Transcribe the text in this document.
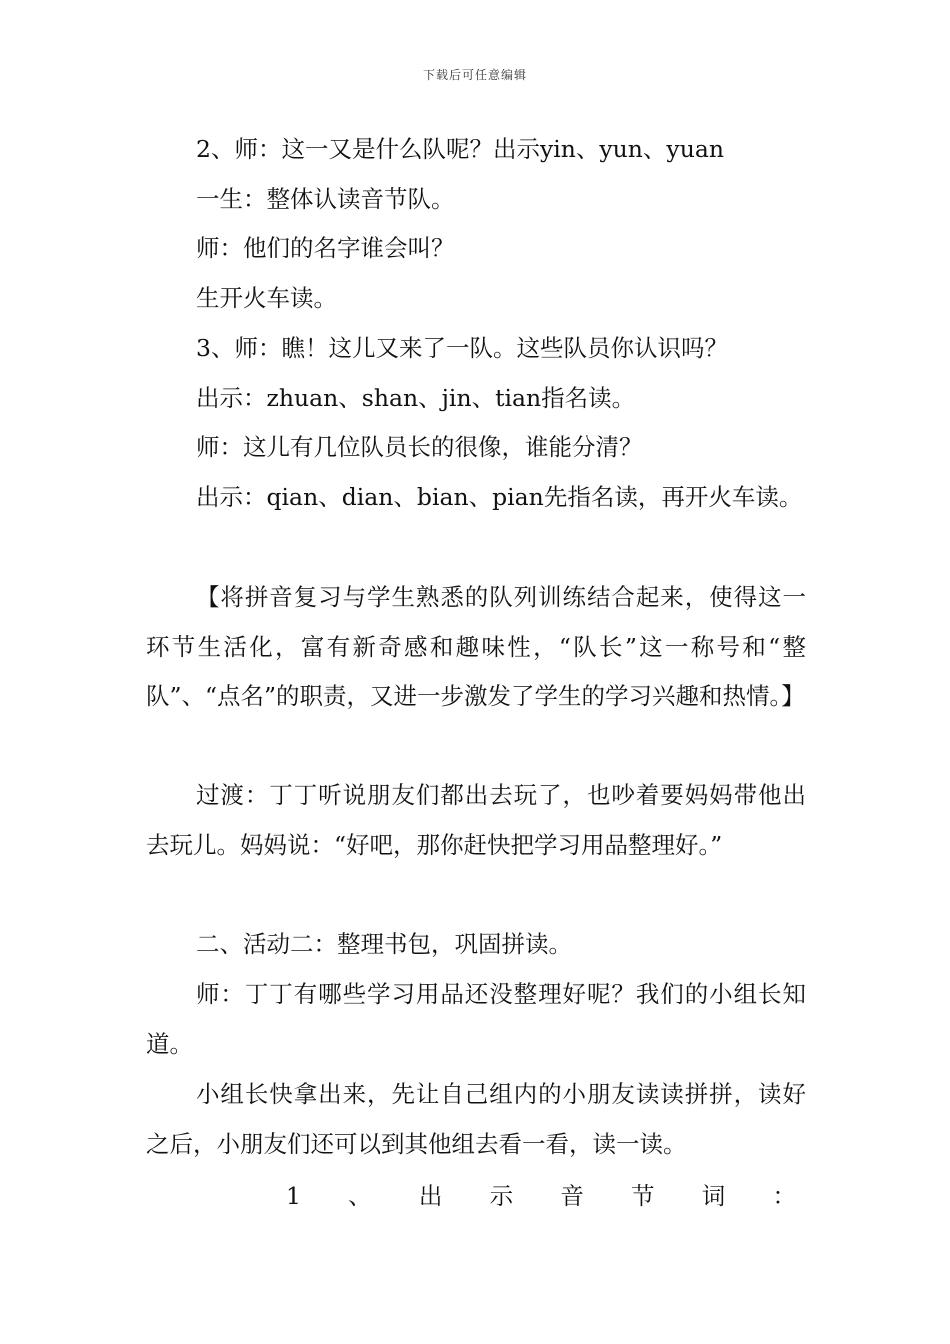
下载后可任意编辑

2、师：这一又是什么队呢？出示yin、yun、yuan

一生：整体认读音节队。

师：他们的名字谁会叫？

生开火车读。

3、师：瞧！这儿又来了一队。这些队员你认识吗？

出示：zhuan、shan、jin、tian指名读。

师：这儿有几位队员长的很像，谁能分清？

出示：qian、dian、bian、pian先指名读，再开火车读。

【将拼音复习与学生熟悉的队列训练结合起来，使得这一环节生活化，富有新奇感和趣味性，“队长”这一称号和“整队”、“点名”的职责，又进一步激发了学生的学习兴趣和热情。】

过渡：丁丁听说朋友们都出去玩了，也吵着要妈妈带他出去玩儿。妈妈说：“好吧，那你赶快把学习用品整理好。”

二、活动二：整理书包，巩固拼读。

师：丁丁有哪些学习用品还没整理好呢？我们的小组长知道。

小组长快拿出来，先让自己组内的小朋友读读拼拼，读好之后，小朋友们还可以到其他组去看一看，读一读。

1 、 出 示 音 节 词 ：
